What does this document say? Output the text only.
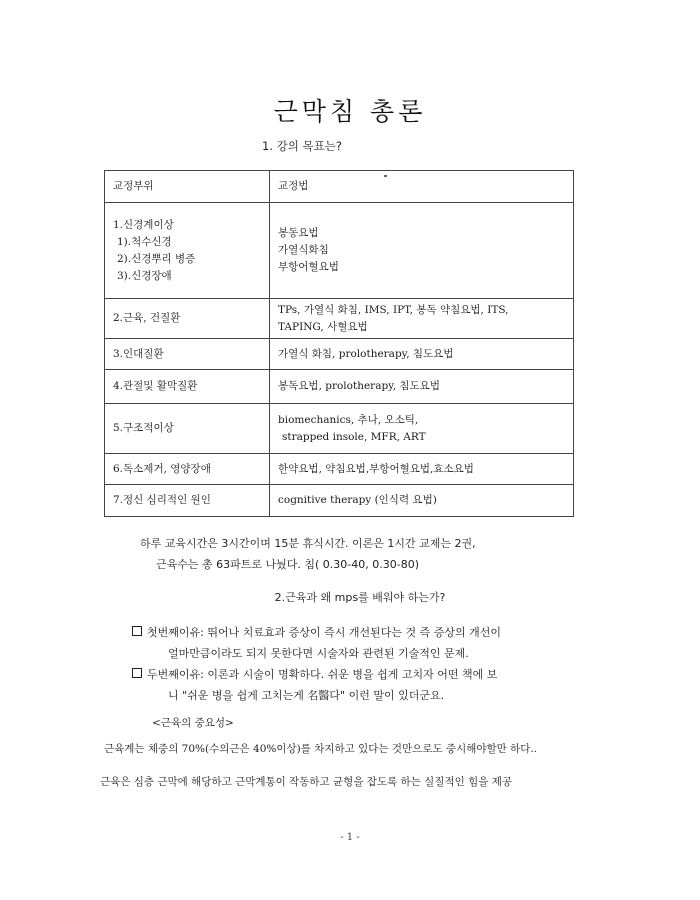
근막침 총론
1. 강의 목표는?
교정부위	교정법

1.신경계이상
1).척수신경
2).신경뿌리 병증
3).신경장애	봉동요법
가열식화침
부항어혈요법

2.근육, 건질환	TPs, 가열식 화침, IMS, IPT, 봉독 약침요법, ITS,
TAPING, 사혈요법

3.인대질환	가열식 화침, prolotherapy, 침도요법
4.관절및 활막질환	봉독요법, prolotherapy, 침도요법
5.구조적이상	biomechanics, 추나, 오소틱,
strapped insole, MFR, ART

6.독소제거, 영양장애	한약요법, 약침요법,부항어혈요법,효소요법
7.정신 심리적인 원인	cognitive therapy (인식력 요법)
하루 교육시간은 3시간이며 15분 휴식시간. 이론은 1시간 교제는 2권,
근육수는 총 63파트로 나눴다. 침( 0.30-40, 0.30-80)
2.근육과 왜 mps를 배워야 하는가?
첫번째이유: 뛰어나 치료효과 증상이 즉시 개선된다는 것 즉 증상의 개선이
얼마만큼이라도 되지 못한다면 시술자와 관련된 기술적인 문제.
두번째이유: 이론과 시술이 명확하다. 쉬운 병을 쉽게 고치자 어떤 책에 보
니 "쉬운 병을 쉽게 고치는게 名醫다" 이런 말이 있더군요.
<근육의 중요성>
근육계는 체중의 70%(수의근은 40%이상)를 차지하고 있다는 것만으로도 중시해야할만 하다..
근육은 심층 근막에 해당하고 근막계통이 작동하고 균형을 잡도록 하는 실질적인 힘을 제공
- 1 -
